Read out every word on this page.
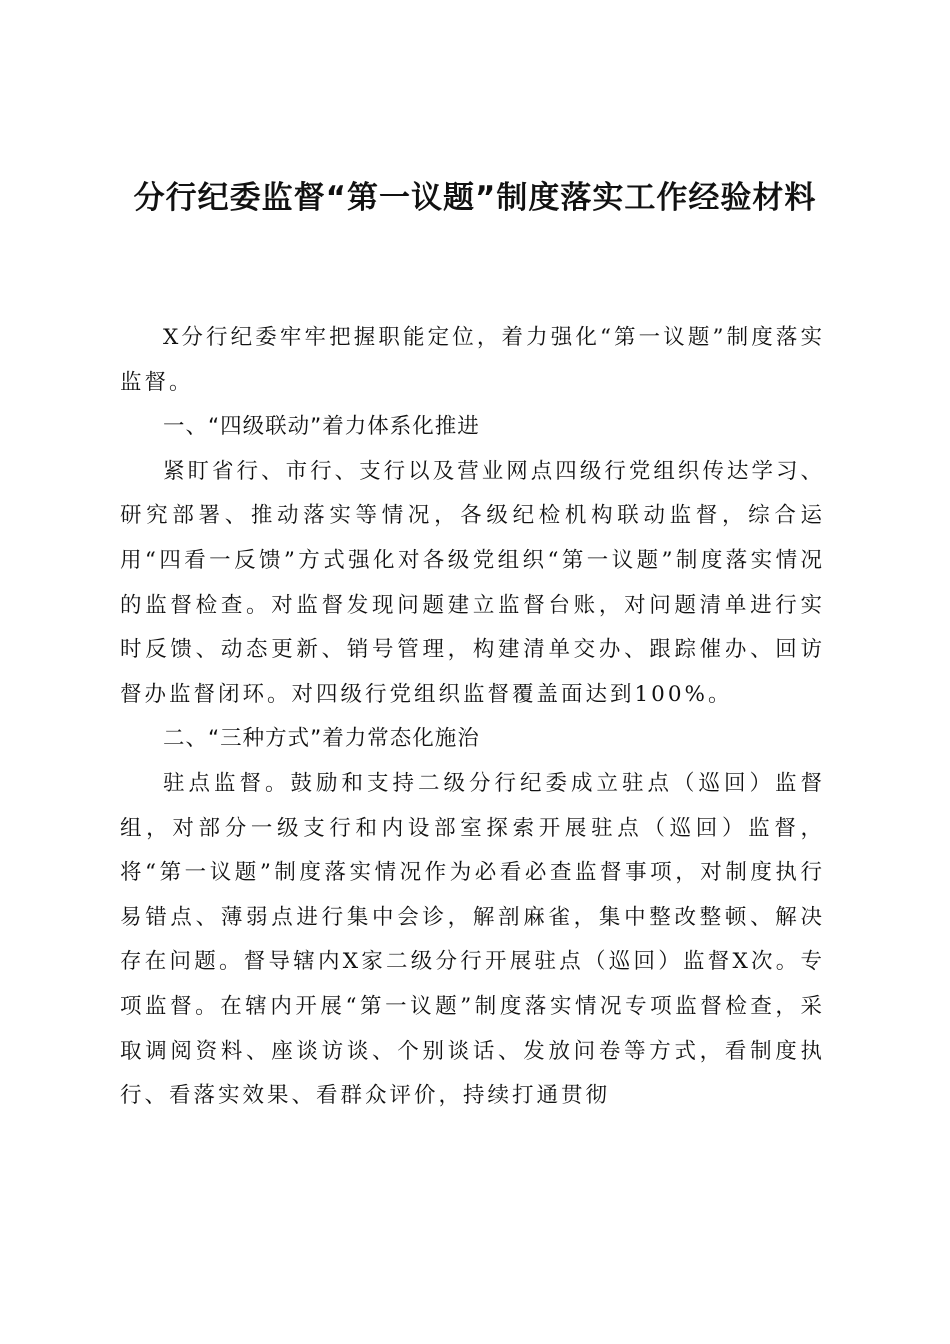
分行纪委监督“第一议题”制度落实工作经验材料

X分行纪委牢牢把握职能定位，着力强化“第一议题”制度落实监督。

一、“四级联动”着力体系化推进

紧盯省行、市行、支行以及营业网点四级行党组织传达学习、研究部署、推动落实等情况，各级纪检机构联动监督，综合运用“四看一反馈”方式强化对各级党组织“第一议题”制度落实情况的监督检查。对监督发现问题建立监督台账，对问题清单进行实时反馈、动态更新、销号管理，构建清单交办、跟踪催办、回访督办监督闭环。对四级行党组织监督覆盖面达到100%。

二、“三种方式”着力常态化施治

驻点监督。鼓励和支持二级分行纪委成立驻点（巡回）监督组，对部分一级支行和内设部室探索开展驻点（巡回）监督，将“第一议题”制度落实情况作为必看必查监督事项，对制度执行易错点、薄弱点进行集中会诊，解剖麻雀，集中整改整顿、解决存在问题。督导辖内X家二级分行开展驻点（巡回）监督X次。专项监督。在辖内开展“第一议题”制度落实情况专项监督检查，采取调阅资料、座谈访谈、个别谈话、发放问卷等方式，看制度执行、看落实效果、看群众评价，持续打通贯彻
